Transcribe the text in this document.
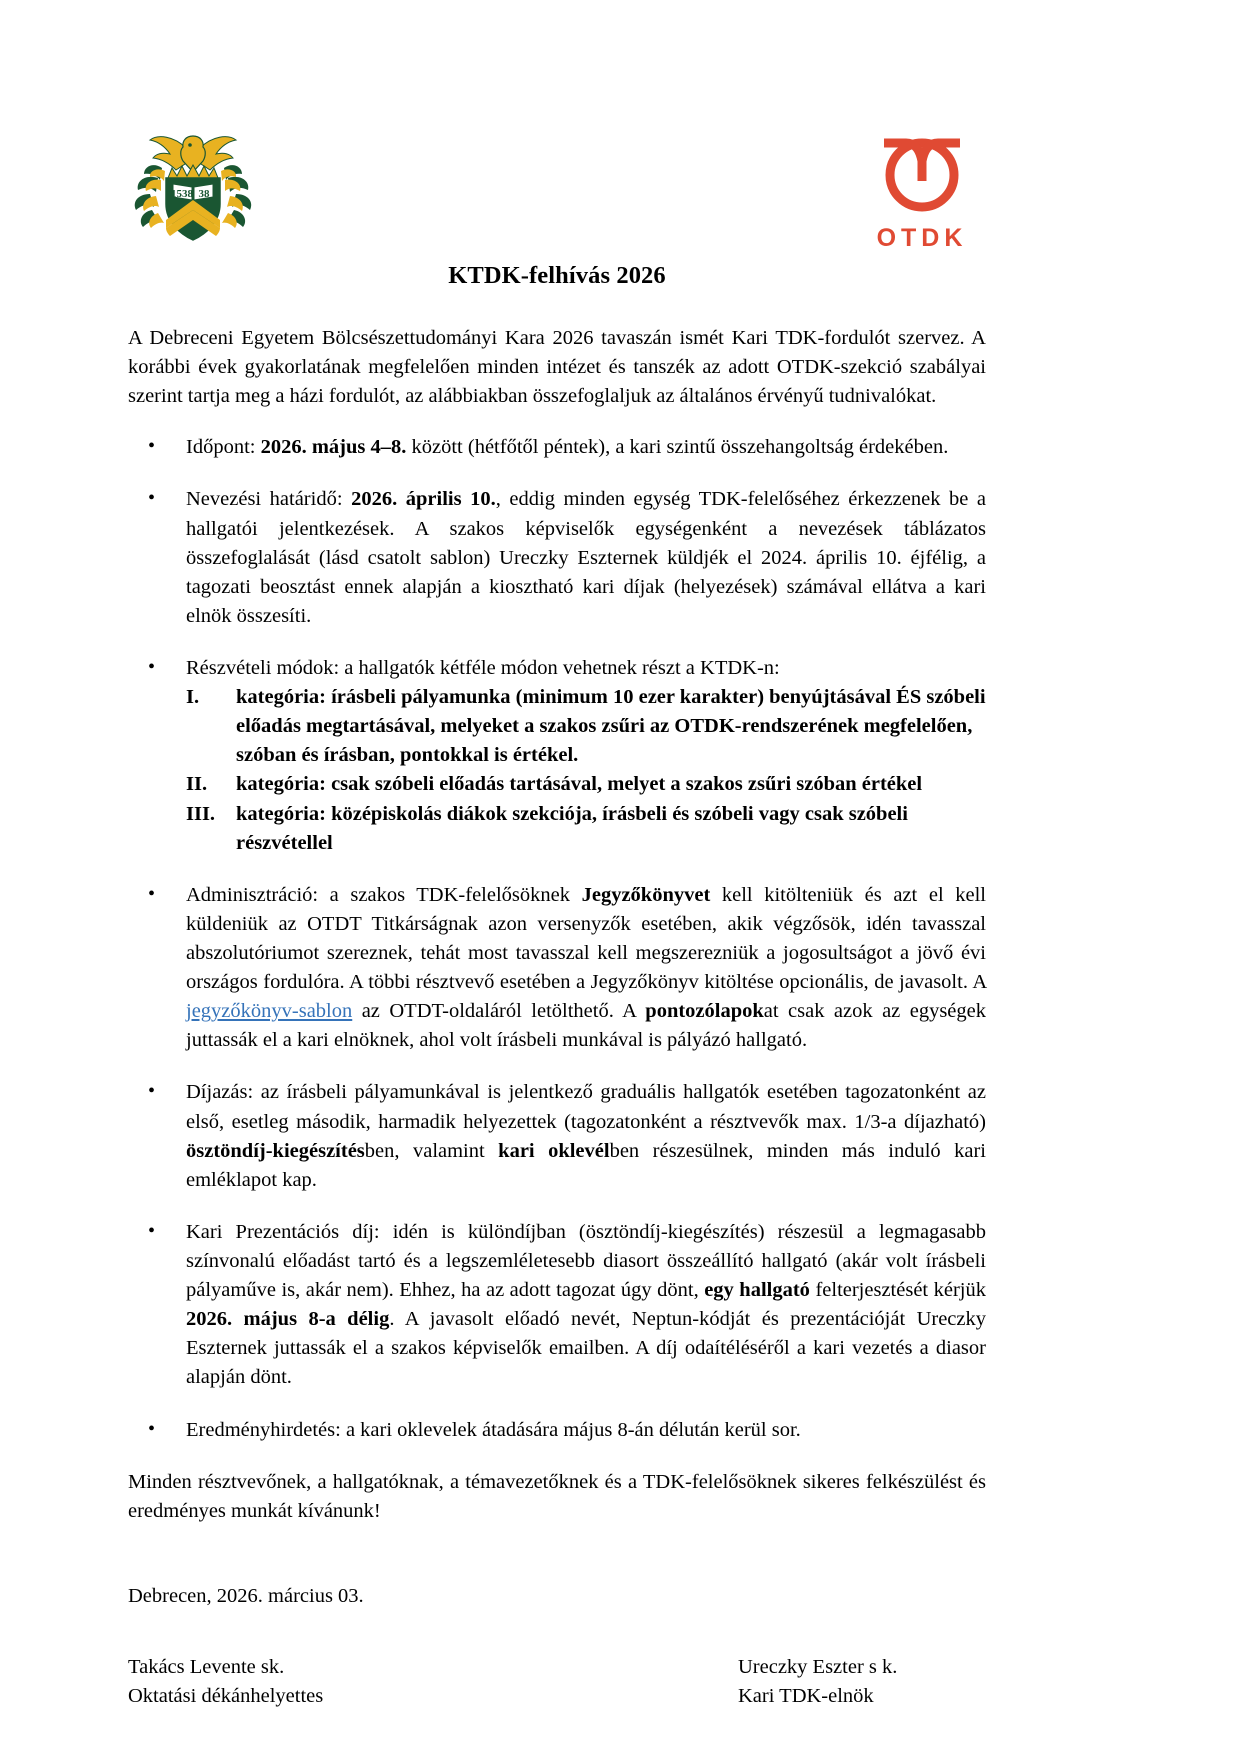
1538 38
OTDK
KTDK-felhívás 2026

A Debreceni Egyetem Bölcsészettudományi Kara 2026 tavaszán ismét Kari TDK-fordulót szervez. A korábbi évek gyakorlatának megfelelően minden intézet és tanszék az adott OTDK-szekció szabályai szerint tartja meg a házi fordulót, az alábbiakban összefoglaljuk az általános érvényű tudnivalókat.

• Időpont: 2026. május 4–8. között (hétfőtől péntek), a kari szintű összehangoltság érdekében.
• Nevezési határidő: 2026. április 10., eddig minden egység TDK-felelőséhez érkezzenek be a hallgatói jelentkezések. A szakos képviselők egységenként a nevezések táblázatos összefoglalását (lásd csatolt sablon) Ureczky Eszternek küldjék el 2024. április 10. éjfélig, a tagozati beosztást ennek alapján a kiosztható kari díjak (helyezések) számával ellátva a kari elnök összesíti.
• Részvételi módok: a hallgatók kétféle módon vehetnek részt a KTDK-n:
I.	kategória: írásbeli pályamunka (minimum 10 ezer karakter) benyújtásával ÉS szóbeli előadás megtartásával, melyeket a szakos zsűri az OTDK-rendszerének megfelelően, szóban és írásban, pontokkal is értékel.
II.	kategória: csak szóbeli előadás tartásával, melyet a szakos zsűri szóban értékel
III.	kategória: középiskolás diákok szekciója, írásbeli és szóbeli vagy csak szóbeli részvétellel
• Adminisztráció: a szakos TDK-felelősöknek Jegyzőkönyvet kell kitölteniük és azt el kell küldeniük az OTDT Titkárságnak azon versenyzők esetében, akik végzősök, idén tavasszal abszolutóriumot szereznek, tehát most tavasszal kell megszerezniük a jogosultságot a jövő évi országos fordulóra. A többi résztvevő esetében a Jegyzőkönyv kitöltése opcionális, de javasolt. A jegyzőkönyv-sablon az OTDT-oldaláról letölthető. A pontozólapokat csak azok az egységek juttassák el a kari elnöknek, ahol volt írásbeli munkával is pályázó hallgató.
• Díjazás: az írásbeli pályamunkával is jelentkező graduális hallgatók esetében tagozatonként az első, esetleg második, harmadik helyezettek (tagozatonként a résztvevők max. 1/3-a díjazható) ösztöndíj-kiegészítésben, valamint kari oklevélben részesülnek, minden más induló kari emléklapot kap.
• Kari Prezentációs díj: idén is különdíjban (ösztöndíj-kiegészítés) részesül a legmagasabb színvonalú előadást tartó és a legszemléletesebb diasort összeállító hallgató (akár volt írásbeli pályaműve is, akár nem). Ehhez, ha az adott tagozat úgy dönt, egy hallgató felterjesztését kérjük 2026. május 8-a délig. A javasolt előadó nevét, Neptun-kódját és prezentációját Ureczky Eszternek juttassák el a szakos képviselők emailben. A díj odaítéléséről a kari vezetés a diasor alapján dönt.
• Eredményhirdetés: a kari oklevelek átadására május 8-án délután kerül sor.

Minden résztvevőnek, a hallgatóknak, a témavezetőknek és a TDK-felelősöknek sikeres felkészülést és eredményes munkát kívánunk!

Debrecen, 2026. március 03.

Takács Levente sk.
Oktatási dékánhelyettes
Ureczky Eszter s k.
Kari TDK-elnök
